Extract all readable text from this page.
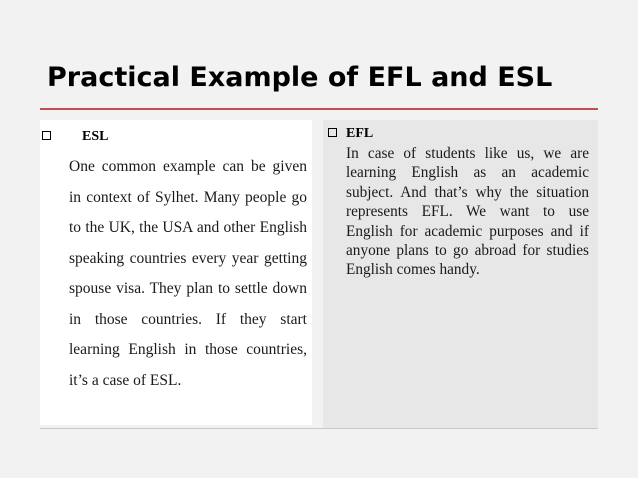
Practical Example of EFL and ESL
ESL

One common example can be given in context of Sylhet. Many people go to the UK, the USA and other English speaking countries every year getting spouse visa. They plan to settle down in those countries. If they start learning English in those countries, it’s a case of ESL.

EFL

In case of students like us, we are learning English as an academic subject. And that’s why the situation represents EFL. We want to use English for academic purposes and if anyone plans to go abroad for studies English comes handy.
